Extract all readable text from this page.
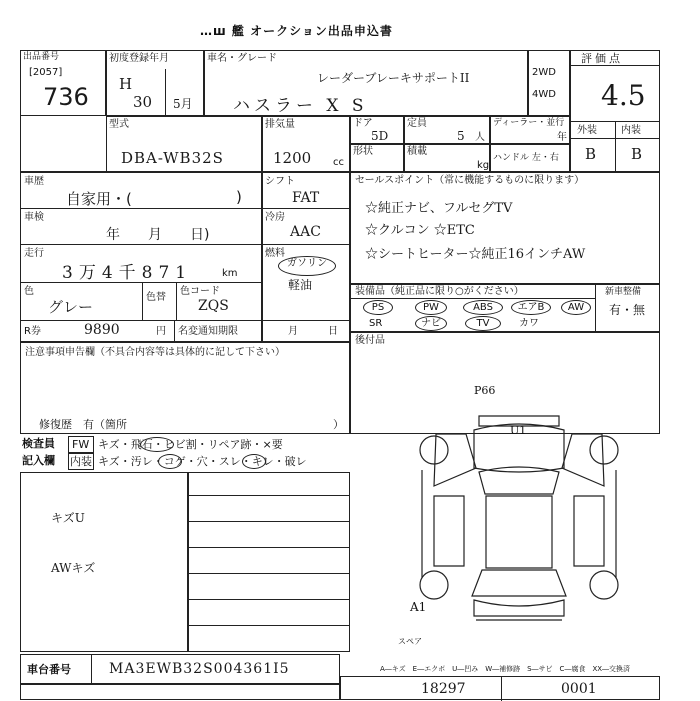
…ш 艦 オークション出品申込書
出品番号
[2057]
736
初度登録年月
H
30 5月
車名・グレード
レーダーブレーキサポートII
ハスラー X S
2WD
4WD
評価点
4.5
外装 内装
B B
型式
DBA-WB32S
排気量
1200 cc
ドア
5D
定員
5 人
ディーラー・並行
年
形状	積載
kg
ハンドル 左・右
車歴
自家用・(	)
車検
年　　月　　日)
走行
3万4千871	km
色
グレー
色替
色コード
ZQS
R券	9890	円 名変通知期限	月	日
シフト
FAT
冷房
AAC
燃料
ガソリン
軽油
セールスポイント（常に機能するものに限ります）
☆純正ナビ、フルセグTV
☆クルコン ☆ETC
☆シートヒーター☆純正16インチAW
装備品（純正品に限り○がください）	新車整備
有・無
PS	PW	ABS	エアB	AW
SR	ナビ	TV	カワ
後付品
注意事項申告欄（不具合内容等は具体的に記して下さい）
修復歴　有（箇所	）
検査員
記入欄
FW キズ・飛石・ヒビ割・リペア跡・×要
内装 キズ・汚レ・コゲ・穴・スレ・キレ・破レ
キズU
AWキズ
P66
U1
A1
スペア
A―キズ　E―エクボ　U―凹み　W―補修跡　S―サビ　C―腐食　XX―交換済
車台番号	MA3EWB32S004361I5
18297	0001
